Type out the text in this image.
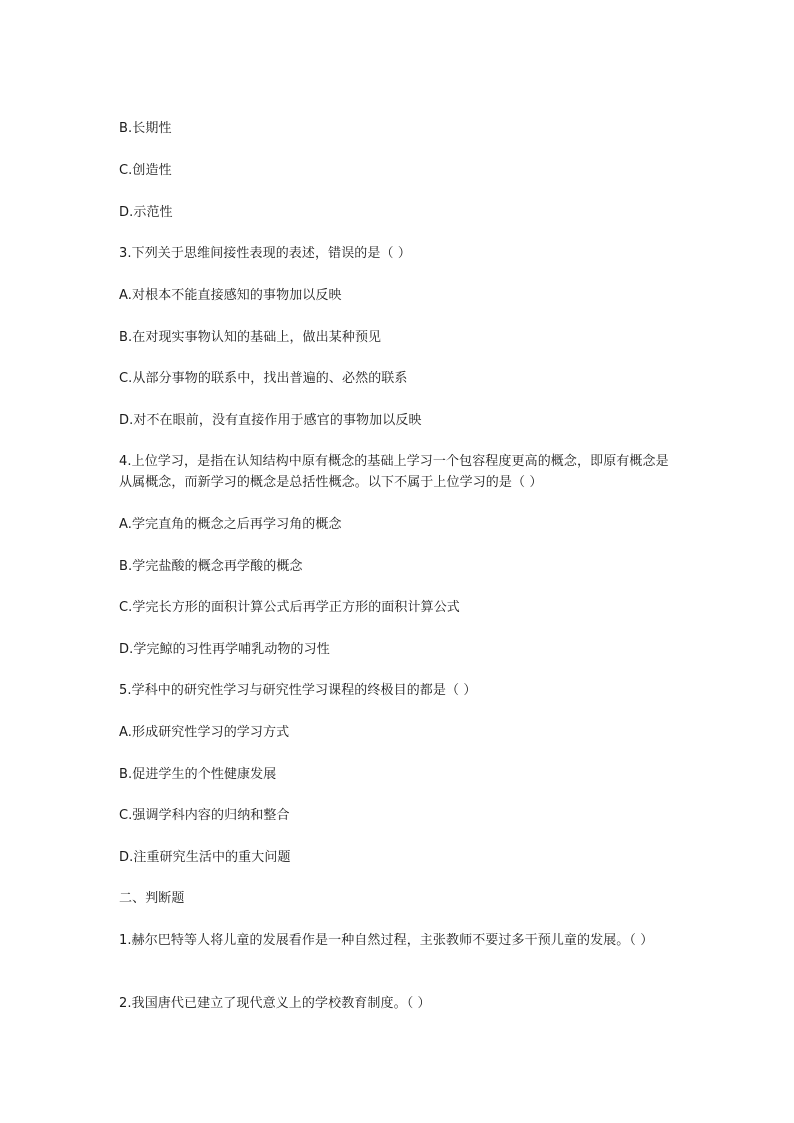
B.长期性
C.创造性
D.示范性
3.下列关于思维间接性表现的表述，错误的是（ ）
A.对根本不能直接感知的事物加以反映
B.在对现实事物认知的基础上，做出某种预见
C.从部分事物的联系中，找出普遍的、必然的联系
D.对不在眼前，没有直接作用于感官的事物加以反映
4.上位学习，是指在认知结构中原有概念的基础上学习一个包容程度更高的概念，即原有概念是从属概念，而新学习的概念是总括性概念。以下不属于上位学习的是（ ）
A.学完直角的概念之后再学习角的概念
B.学完盐酸的概念再学酸的概念
C.学完长方形的面积计算公式后再学正方形的面积计算公式
D.学完鲸的习性再学哺乳动物的习性
5.学科中的研究性学习与研究性学习课程的终极目的都是（ ）
A.形成研究性学习的学习方式
B.促进学生的个性健康发展
C.强调学科内容的归纳和整合
D.注重研究生活中的重大问题
二、判断题
1.赫尔巴特等人将儿童的发展看作是一种自然过程，主张教师不要过多干预儿童的发展。（ ）
2.我国唐代已建立了现代意义上的学校教育制度。（ ）
